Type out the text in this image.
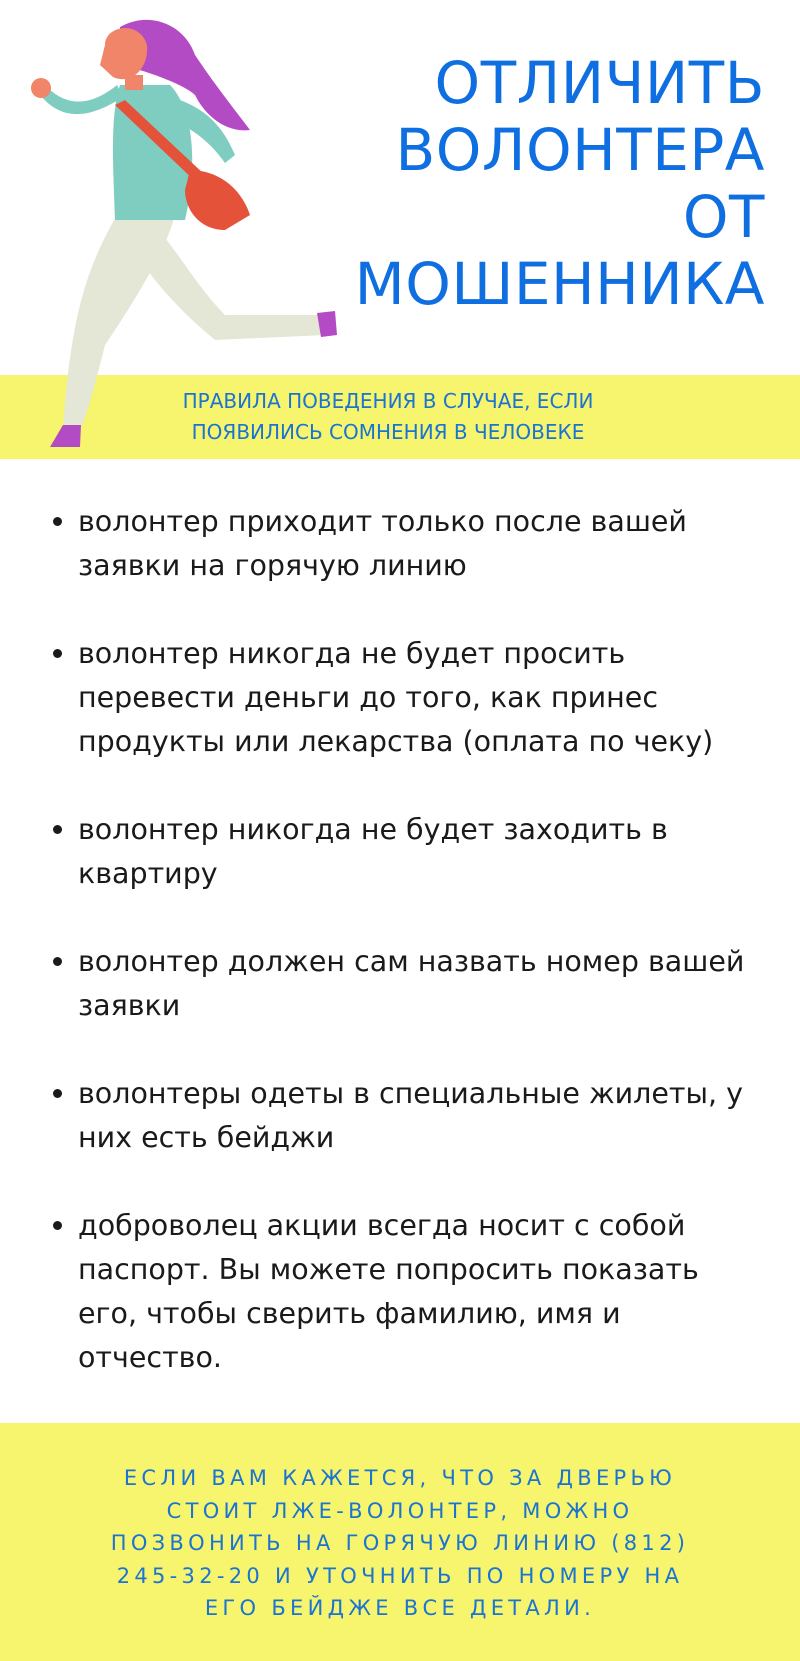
ОТЛИЧИТЬ
ВОЛОНТЕРА
ОТ
МОШЕННИКА
ПРАВИЛА ПОВЕДЕНИЯ В СЛУЧАЕ, ЕСЛИ
ПОЯВИЛИСЬ СОМНЕНИЯ В ЧЕЛОВЕКЕ
волонтер приходит только после вашей заявки на горячую линию
волонтер никогда не будет просить перевести деньги до того, как принес продукты или лекарства (оплата по чеку)
волонтер никогда не будет заходить в квартиру
волонтер должен сам назвать номер вашей заявки
волонтеры одеты в специальные жилеты, у них есть бейджи
доброволец акции всегда носит с собой паспорт. Вы можете попросить показать его, чтобы сверить фамилию, имя и отчество.
ЕСЛИ ВАМ КАЖЕТСЯ, ЧТО ЗА ДВЕРЬЮ
СТОИТ ЛЖЕ-ВОЛОНТЕР, МОЖНО
ПОЗВОНИТЬ НА ГОРЯЧУЮ ЛИНИЮ (812)
245-32-20 И УТОЧНИТЬ ПО НОМЕРУ НА
ЕГО БЕЙДЖЕ ВСЕ ДЕТАЛИ.
